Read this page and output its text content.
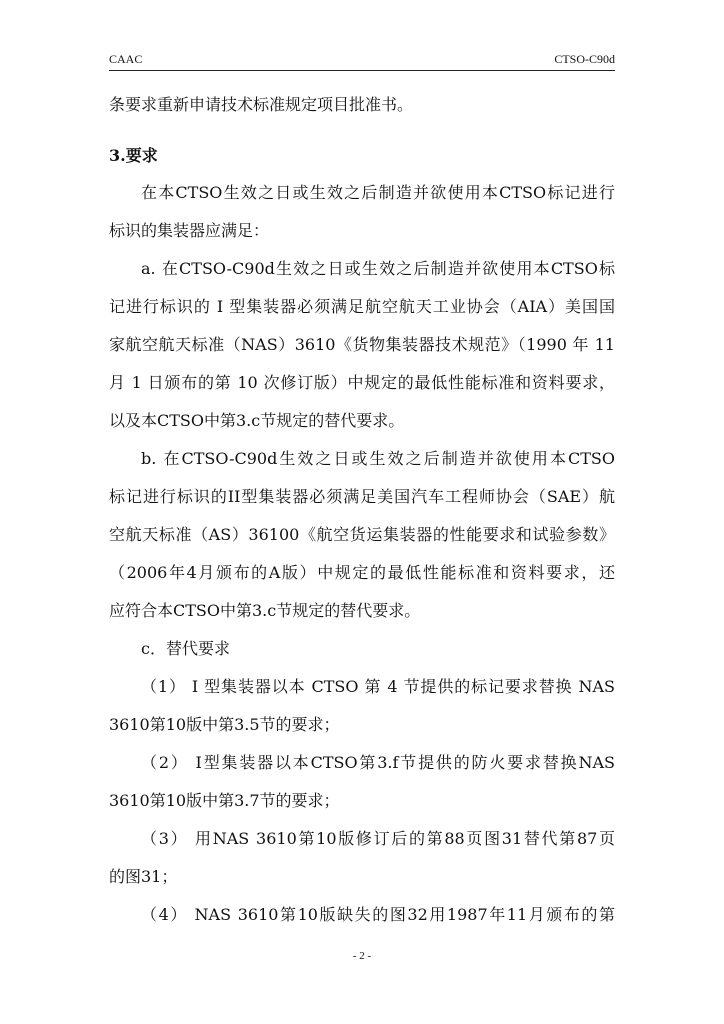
CAAC	CTSO-C90d
条要求重新申请技术标准规定项目批准书。
3.要求
在本CTSO生效之日或生效之后制造并欲使用本CTSO标记进行
标识的集装器应满足：
a. 在CTSO-C90d生效之日或生效之后制造并欲使用本CTSO标
记进行标识的 I 型集装器必须满足航空航天工业协会（AIA）美国国
家航空航天标准（NAS）3610《货物集装器技术规范》（1990 年 11
月 1 日颁布的第 10 次修订版）中规定的最低性能标准和资料要求，
以及本CTSO中第3.c节规定的替代要求。
b. 在CTSO-C90d生效之日或生效之后制造并欲使用本CTSO
标记进行标识的II型集装器必须满足美国汽车工程师协会（SAE）航
空航天标准（AS）36100《航空货运集装器的性能要求和试验参数》
（2006年4月颁布的A版）中规定的最低性能标准和资料要求，还
应符合本CTSO中第3.c节规定的替代要求。
c．替代要求
（1） I 型集装器以本 CTSO 第 4 节提供的标记要求替换 NAS
3610第10版中第3.5节的要求；
（2） I型集装器以本CTSO第3.f节提供的防火要求替换NAS
3610第10版中第3.7节的要求；
（3） 用NAS 3610第10版修订后的第88页图31替代第87页
的图31；
（4） NAS 3610第10版缺失的图32用1987年11月颁布的第
- 2 -
